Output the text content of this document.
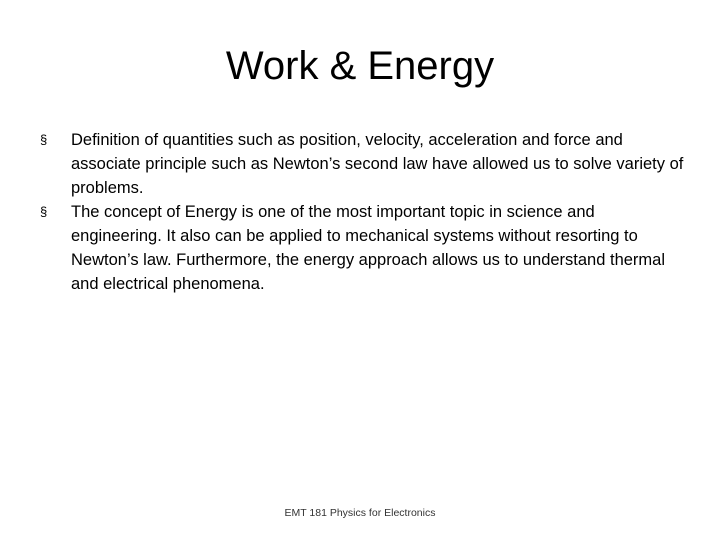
Work & Energy
§	Definition of quantities such as position, velocity, acceleration and force and associate principle such as Newton’s second law have allowed us to solve variety of problems.
§	The concept of Energy is one of the most important topic in science and engineering. It also can be applied to mechanical systems without resorting to Newton’s law. Furthermore, the energy approach allows us to understand thermal and electrical phenomena.
EMT 181 Physics for Electronics
